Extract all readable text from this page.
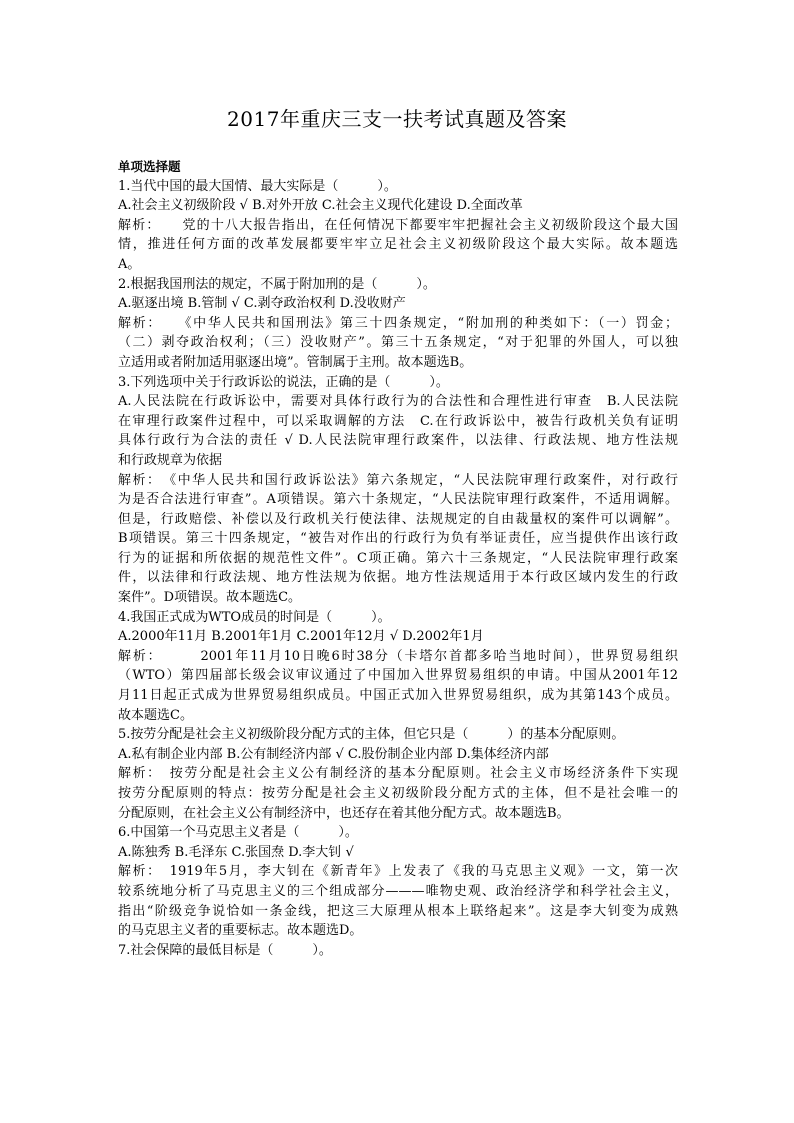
2017年重庆三支一扶考试真题及答案
单项选择题
1.当代中国的最大国情、最大实际是（　　　）。
A.社会主义初级阶段 √ B.对外开放 C.社会主义现代化建设 D.全面改革
解析：　　党的十八大报告指出，在任何情况下都要牢牢把握社会主义初级阶段这个最大国
情，推进任何方面的改革发展都要牢牢立足社会主义初级阶段这个最大实际。故本题选
A。
2.根据我国刑法的规定，不属于附加刑的是（　　　）。
A.驱逐出境 B.管制 √ C.剥夺政治权利 D.没收财产
解析：　　《中华人民共和国刑法》第三十四条规定，“附加刑的种类如下：（一）罚金；
（二）剥夺政治权利；（三）没收财产”。第三十五条规定，“对于犯罪的外国人，可以独
立适用或者附加适用驱逐出境”。管制属于主刑。故本题选B。
3.下列选项中关于行政诉讼的说法，正确的是（　　　）。
A.人民法院在行政诉讼中，需要对具体行政行为的合法性和合理性进行审查　B.人民法院
在审理行政案件过程中，可以采取调解的方法　C.在行政诉讼中，被告行政机关负有证明
具体行政行为合法的责任 √ D.人民法院审理行政案件，以法律、行政法规、地方性法规
和行政规章为依据
解析：　《中华人民共和国行政诉讼法》第六条规定，“人民法院审理行政案件，对行政行
为是否合法进行审查”。A项错误。第六十条规定，“人民法院审理行政案件，不适用调解。
但是，行政赔偿、补偿以及行政机关行使法律、法规规定的自由裁量权的案件可以调解”。
B项错误。第三十四条规定，“被告对作出的行政行为负有举证责任，应当提供作出该行政
行为的证据和所依据的规范性文件”。C项正确。第六十三条规定，“人民法院审理行政案
件，以法律和行政法规、地方性法规为依据。地方性法规适用于本行政区域内发生的行政
案件”。D项错误。故本题选C。
4.我国正式成为WTO成员的时间是（　　　）。
A.2000年11月 B.2001年1月 C.2001年12月 √ D.2002年1月
解析：　　　2001年11月10日晚6时38分（卡塔尔首都多哈当地时间），世界贸易组织
（WTO）第四届部长级会议审议通过了中国加入世界贸易组织的申请。中国从2001年12
月11日起正式成为世界贸易组织成员。中国正式加入世界贸易组织，成为其第143个成员。
故本题选C。
5.按劳分配是社会主义初级阶段分配方式的主体，但它只是（　　　）的基本分配原则。
A.私有制企业内部 B.公有制经济内部 √ C.股份制企业内部 D.集体经济内部
解析：　按劳分配是社会主义公有制经济的基本分配原则。社会主义市场经济条件下实现
按劳分配原则的特点：按劳分配是社会主义初级阶段分配方式的主体，但不是社会唯一的
分配原则，在社会主义公有制经济中，也还存在着其他分配方式。故本题选B。
6.中国第一个马克思主义者是（　　　）。
A.陈独秀 B.毛泽东 C.张国焘 D.李大钊 √
解析：　1919年5月，李大钊在《新青年》上发表了《我的马克思主义观》一文，第一次
较系统地分析了马克思主义的三个组成部分———唯物史观、政治经济学和科学社会主义，
指出“阶级竞争说恰如一条金线，把这三大原理从根本上联络起来”。这是李大钊变为成熟
的马克思主义者的重要标志。故本题选D。
7.社会保障的最低目标是（　　　）。
